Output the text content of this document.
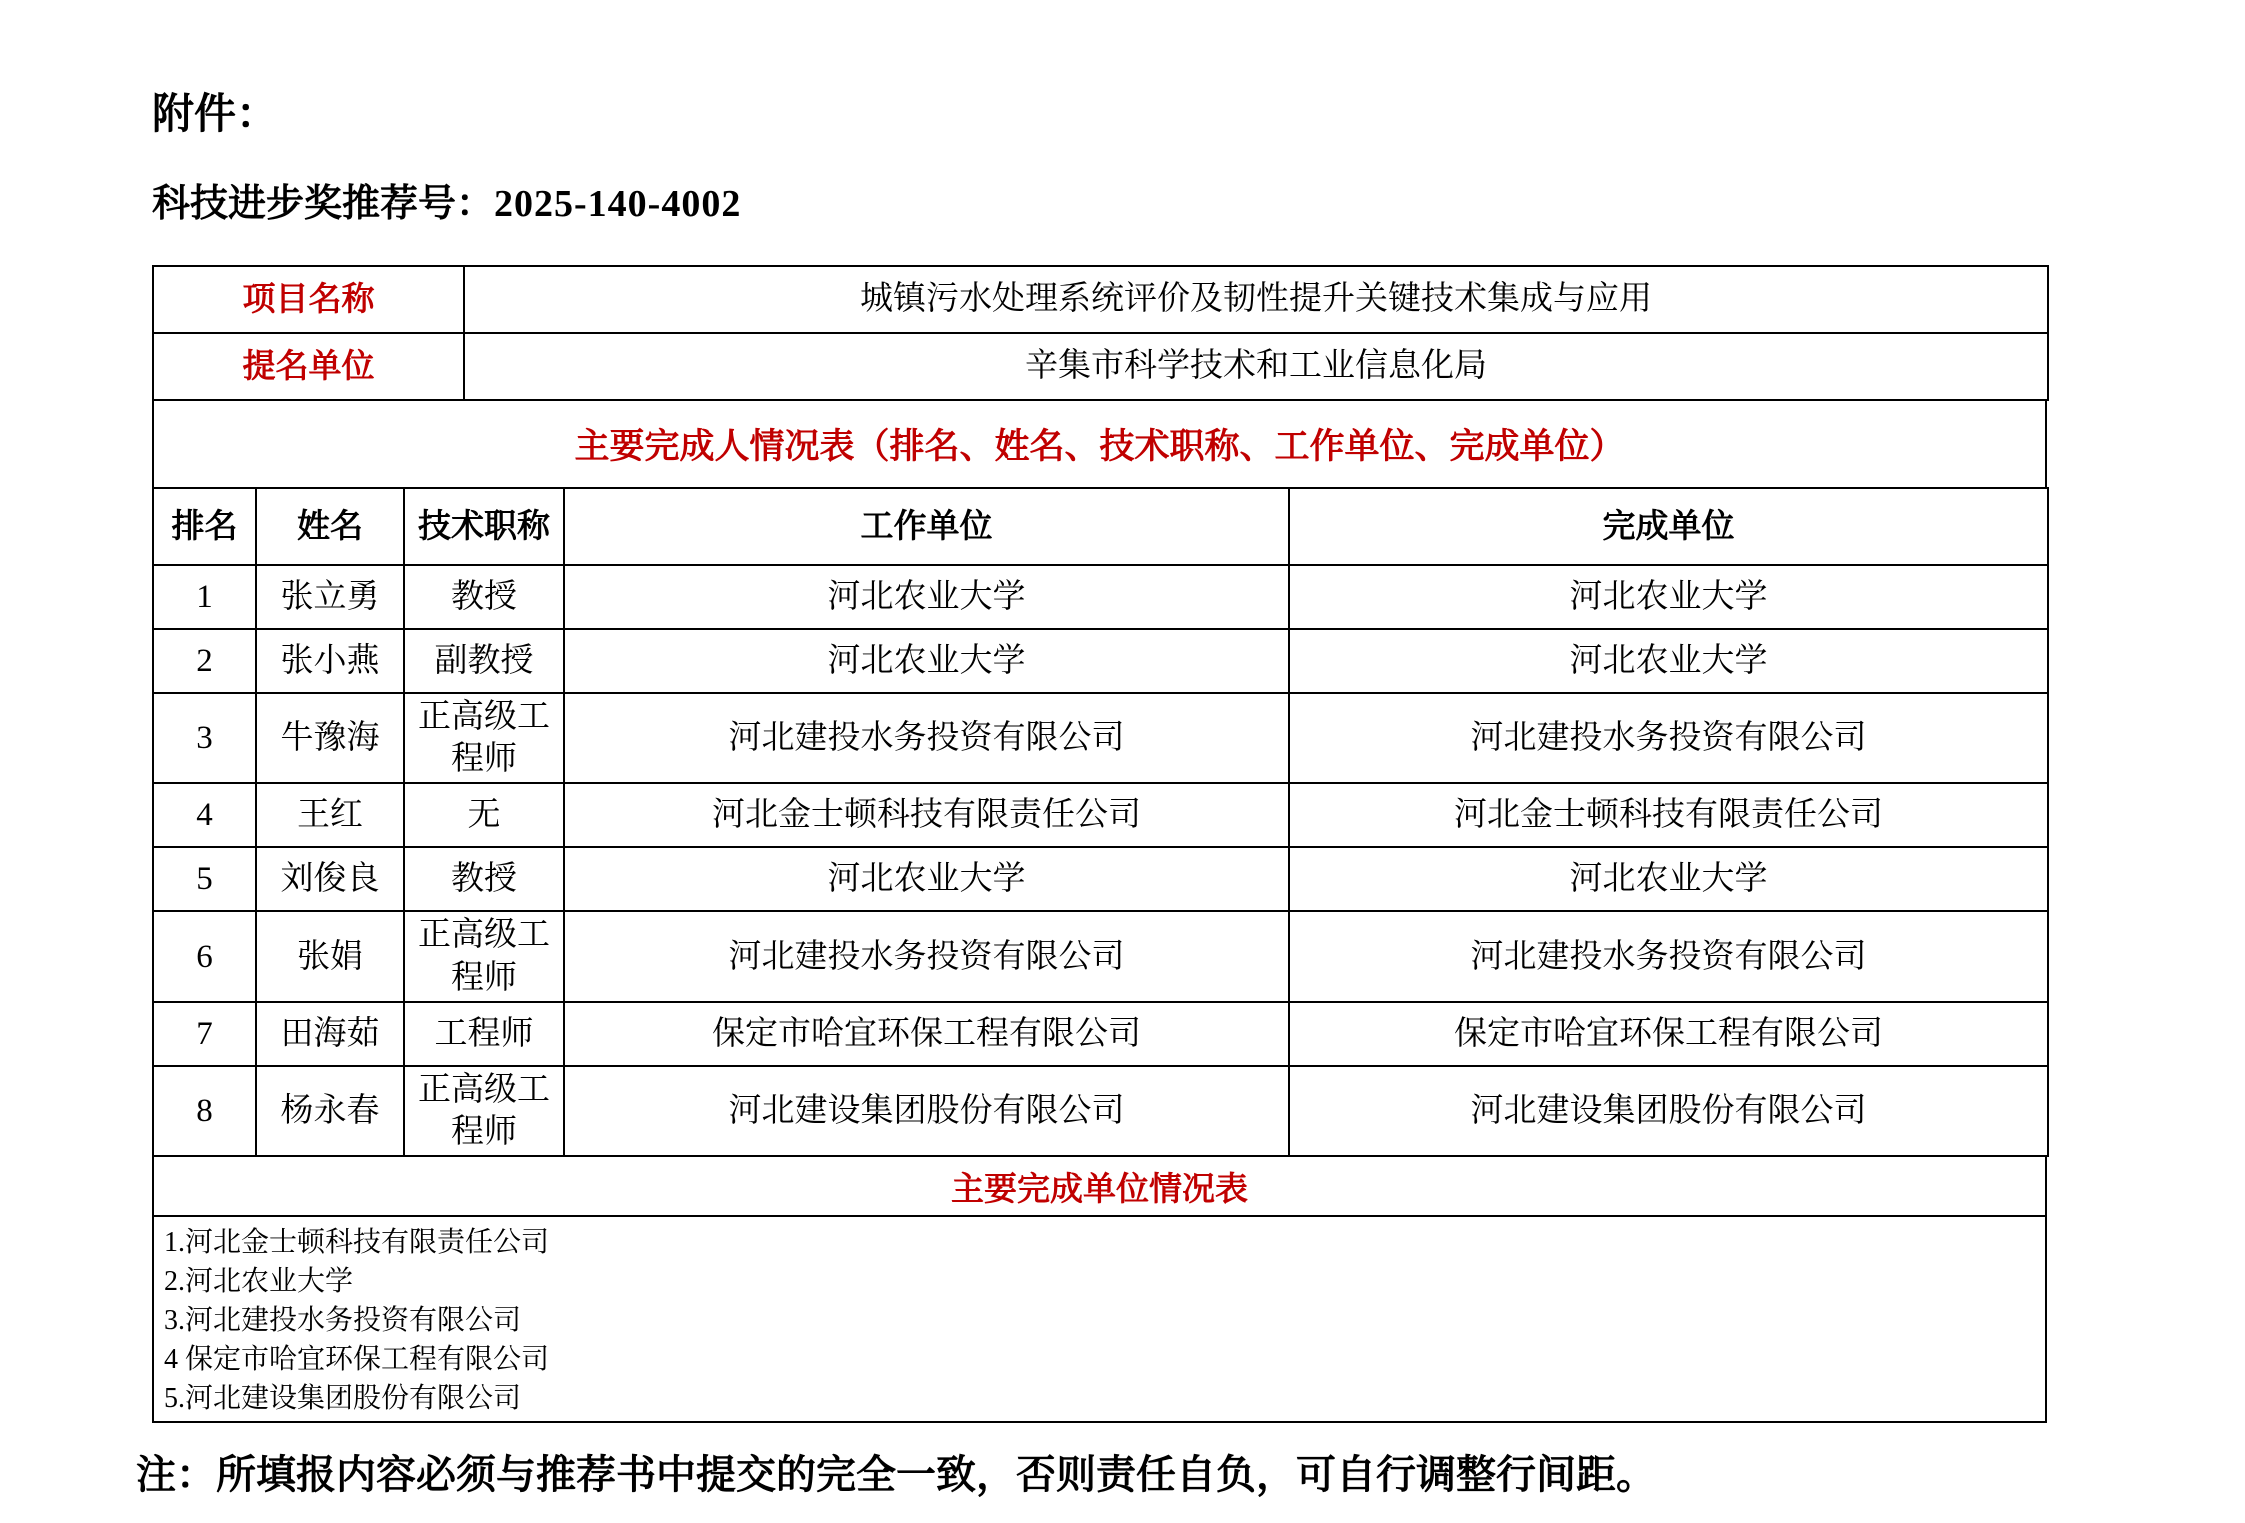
附件：

科技进步奖推荐号：2025-140-4002

项目名称	城镇污水处理系统评价及韧性提升关键技术集成与应用
提名单位	辛集市科学技术和工业信息化局
主要完成人情况表（排名、姓名、技术职称、工作单位、完成单位）
排名	姓名	技术职称	工作单位	完成单位
1	张立勇	教授	河北农业大学	河北农业大学
2	张小燕	副教授	河北农业大学	河北农业大学
3	牛豫海	正高级工程师	河北建投水务投资有限公司	河北建投水务投资有限公司
4	王红	无	河北金士顿科技有限责任公司	河北金士顿科技有限责任公司
5	刘俊良	教授	河北农业大学	河北农业大学
6	张娟	正高级工程师	河北建投水务投资有限公司	河北建投水务投资有限公司
7	田海茹	工程师	保定市哈宜环保工程有限公司	保定市哈宜环保工程有限公司
8	杨永春	正高级工程师	河北建设集团股份有限公司	河北建设集团股份有限公司
主要完成单位情况表
1.河北金士顿科技有限责任公司
2.河北农业大学
3.河北建投水务投资有限公司
4 保定市哈宜环保工程有限公司
5.河北建设集团股份有限公司

注：所填报内容必须与推荐书中提交的完全一致，否则责任自负，可自行调整行间距。
